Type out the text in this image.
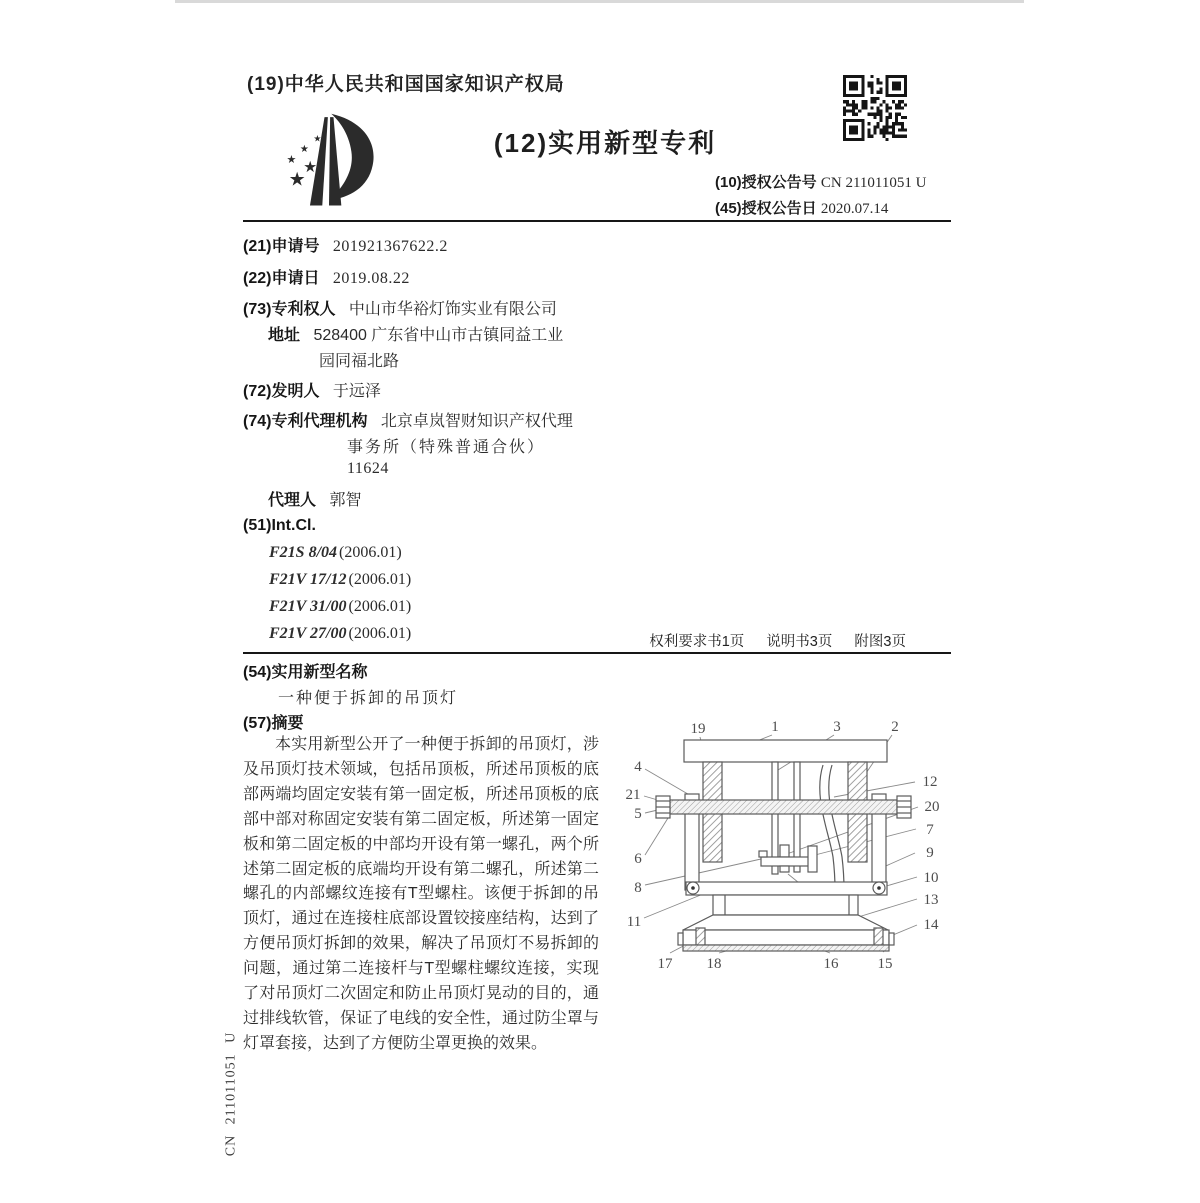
(19)中华人民共和国国家知识产权局
★
★
★
★
★	(12)实用新型专利
(10)授权公告号 CN 211011051 U
(45)授权公告日 2020.07.14
(21)申请号 201921367622.2
(22)申请日 2019.08.22
(73)专利权人 中山市华裕灯饰实业有限公司
地址 528400 广东省中山市古镇同益工业
园同福北路
(72)发明人 于远泽
(74)专利代理机构 北京卓岚智财知识产权代理
事务所（特殊普通合伙）
11624
代理人 郭智
(51)Int.Cl.
F21S 8/04 (2006.01)
F21V 17/12 (2006.01)
F21V 31/00 (2006.01)
F21V 27/00 (2006.01)	权利要求书1页 说明书3页 附图3页
(54)实用新型名称
一种便于拆卸的吊顶灯
(57)摘要
本实用新型公开了一种便于拆卸的吊顶灯，涉及吊顶灯技术领域，包括吊顶板，所述吊顶板的底部两端均固定安装有第一固定板，所述吊顶板的底部中部对称固定安装有第二固定板，所述第一固定板和第二固定板的中部均开设有第一螺孔，两个所述第二固定板的底端均开设有第二螺孔，所述第二螺孔的内部螺纹连接有T型螺柱。该便于拆卸的吊顶灯，通过在连接柱底部设置铰接座结构，达到了方便吊顶灯拆卸的效果，解决了吊顶灯不易拆卸的问题，通过第二连接杆与T型螺柱螺纹连接，实现了对吊顶灯二次固定和防止吊顶灯晃动的目的，通过排线软管，保证了电线的安全性，通过防尘罩与灯罩套接，达到了方便防尘罩更换的效果。
19	1	3	2
4
21
5
6
8
11
12
20
7
9
10
13
14
17 18	16	15
CN 211011051 U
